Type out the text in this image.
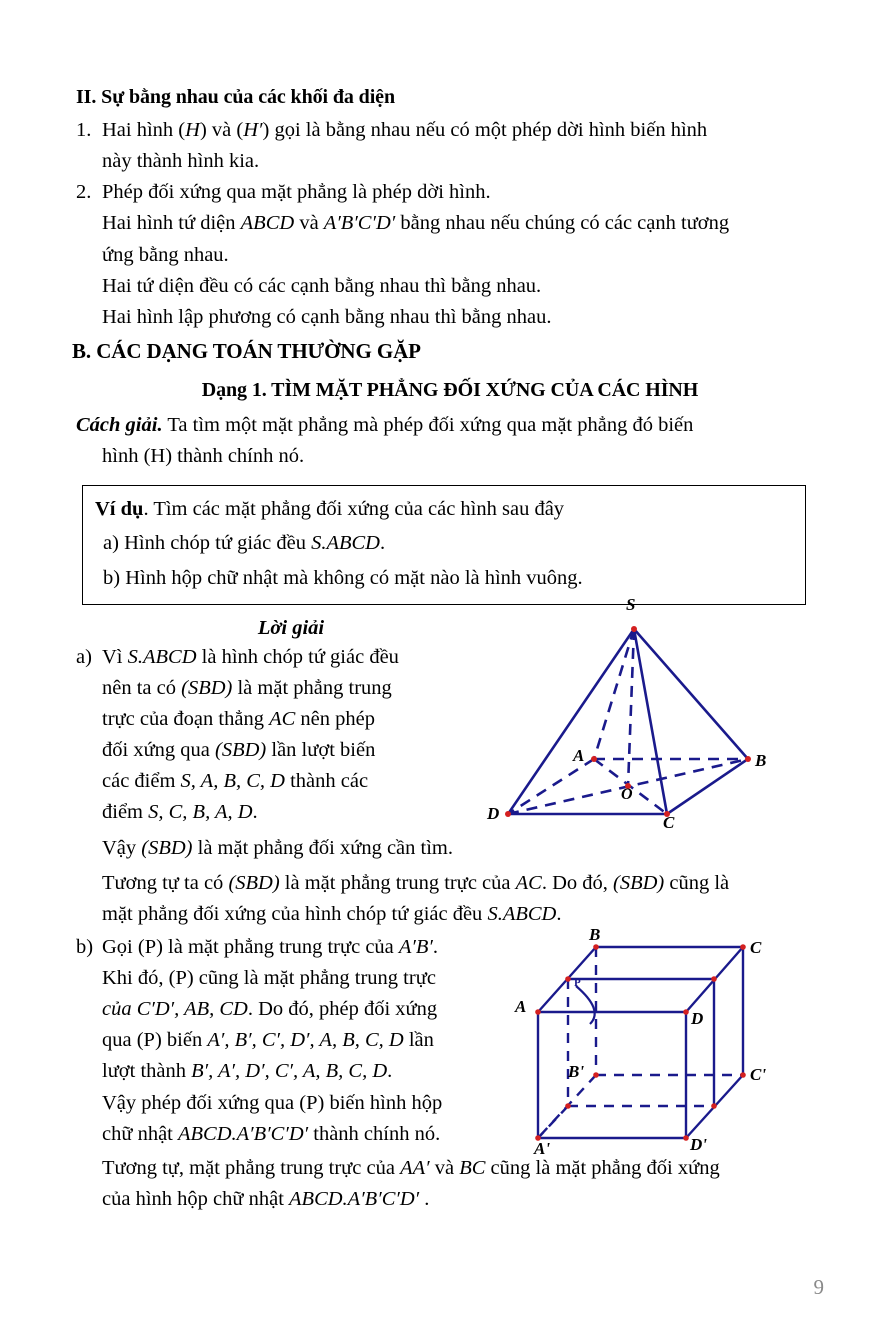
II. Sự bằng nhau của các khối đa diện
1. Hai hình (H) và (H′) gọi là bằng nhau nếu có một phép dời hình biến hình
này thành hình kia.
2. Phép đối xứng qua mặt phẳng là phép dời hình.
Hai hình tứ diện ABCD và A′B′C′D′ bằng nhau nếu chúng có các cạnh tương
ứng bằng nhau.
Hai tứ diện đều có các cạnh bằng nhau thì bằng nhau.
Hai hình lập phương có cạnh bằng nhau thì bằng nhau.
B. CÁC DẠNG TOÁN THƯỜNG GẶP
Dạng 1. TÌM MẶT PHẲNG ĐỐI XỨNG CỦA CÁC HÌNH
Cách giải. Ta tìm một mặt phẳng mà phép đối xứng qua mặt phẳng đó biến
hình (H) thành chính nó.
Ví dụ. Tìm các mặt phẳng đối xứng của các hình sau đây
a) Hình chóp tứ giác đều S.ABCD.
b) Hình hộp chữ nhật mà không có mặt nào là hình vuông.
Lời giải
S
A	B
C
D
O
a) Vì S.ABCD là hình chóp tứ giác đều
nên ta có (SBD) là mặt phẳng trung
trực của đoạn thẳng AC nên phép
đối xứng qua (SBD) lần lượt biến
các điểm S, A, B, C, D thành các
điểm S, C, B, A, D.
Vậy (SBD) là mặt phẳng đối xứng cần tìm.
Tương tự ta có (SBD) là mặt phẳng trung trực của AC. Do đó, (SBD) cũng là
mặt phẳng đối xứng của hình chóp tứ giác đều S.ABCD.
B
C
A
D
B'	C'
A'	D'
P
b) Gọi (P) là mặt phẳng trung trực của A′B′.
Khi đó, (P) cũng là mặt phẳng trung trực
của C′D′, AB, CD. Do đó, phép đối xứng
qua (P) biến A′, B′, C′, D′, A, B, C, D lần
lượt thành B′, A′, D′, C′, A, B, C, D.
Vậy phép đối xứng qua (P) biến hình hộp
chữ nhật ABCD.A′B′C′D′ thành chính nó.
Tương tự, mặt phẳng trung trực của AA′ và BC cũng là mặt phẳng đối xứng
của hình hộp chữ nhật ABCD.A′B′C′D′ .
9
